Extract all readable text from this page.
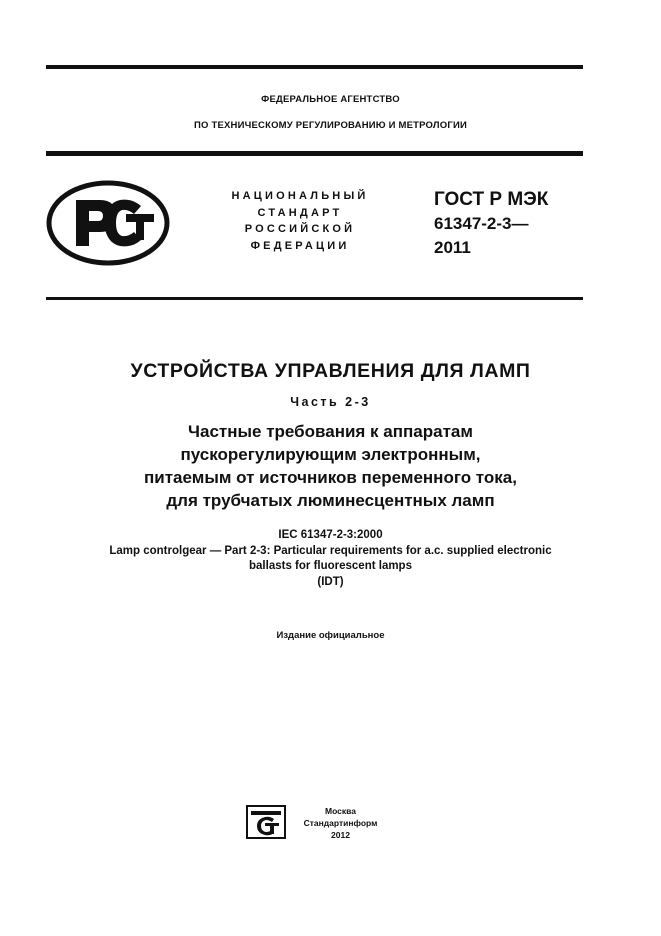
ФЕДЕРАЛЬНОЕ АГЕНТСТВО
ПО ТЕХНИЧЕСКОМУ РЕГУЛИРОВАНИЮ И МЕТРОЛОГИИ
НАЦИОНАЛЬНЫЙ
СТАНДАРТ
РОССИЙСКОЙ
ФЕДЕРАЦИИ
ГОСТ Р МЭК
61347-2-3—
2011
УСТРОЙСТВА УПРАВЛЕНИЯ ДЛЯ ЛАМП
Часть 2-3
Частные требования к аппаратам
пускорегулирующим электронным,
питаемым от источников переменного тока,
для трубчатых люминесцентных ламп
IEC 61347-2-3:2000
Lamp controlgear — Part 2-3: Particular requirements for a.c. supplied electronic
ballasts for fluorescent lamps
(IDT)
Издание официальное
Москва
Стандартинформ
2012
